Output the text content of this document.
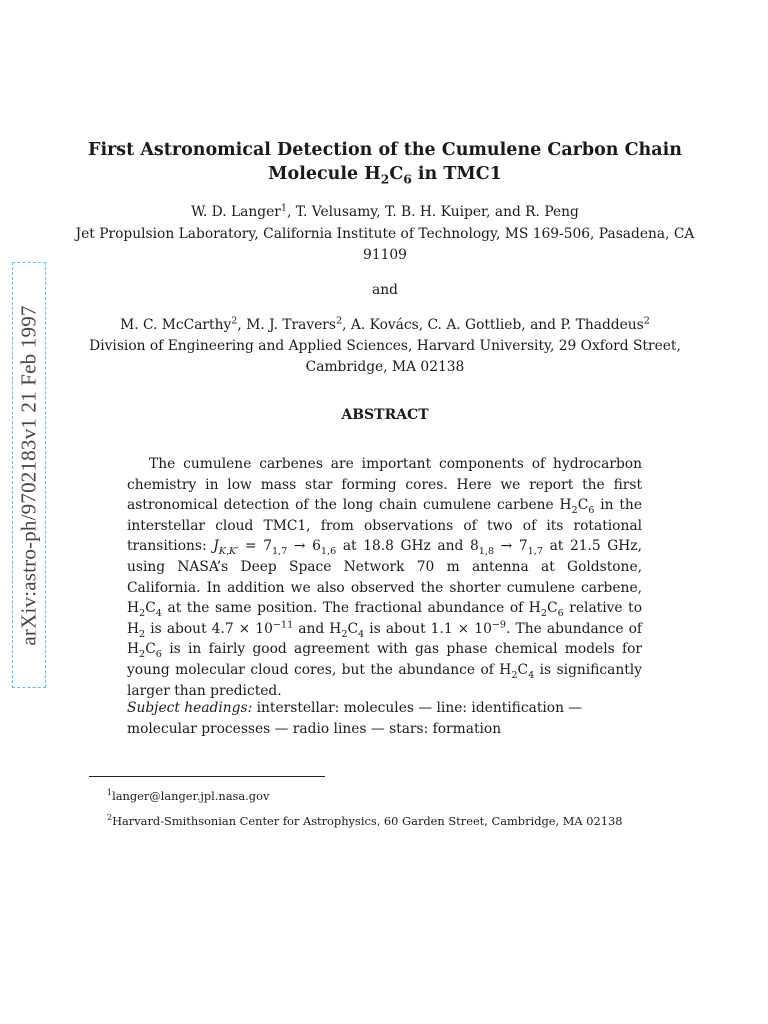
arXiv:astro-ph/9702183v1 21 Feb 1997
First Astronomical Detection of the Cumulene Carbon Chain
Molecule $H_2C_6$ in TMC1

W. D. Langer$^1$, T. Velusamy, T. B. H. Kuiper, and R. Peng

Jet Propulsion Laboratory, California Institute of Technology, MS 169-506, Pasadena, CA
91109

and

M. C. McCarthy$^2$, M. J. Travers$^2$, A. Kovács, C. A. Gottlieb, and P. Thaddeus$^2$

Division of Engineering and Applied Sciences, Harvard University, 29 Oxford Street,
Cambridge, MA 02138

ABSTRACT

The cumulene carbenes are important components of hydrocarbon chemistry in low mass star forming cores. Here we report the first astronomical detection of the long chain cumulene carbene $H_2C_6$ in the interstellar cloud TMC1, from observations of two of its rotational transitions: $J_{K,K'} = 7_{1,7} \to 6_{1,6}$ at 18.8 GHz and $8_{1,8} \to 7_{1,7}$ at 21.5 GHz, using NASA’s Deep Space Network 70 m antenna at Goldstone, California. In addition we also observed the shorter cumulene carbene, $H_2C_4$ at the same position. The fractional abundance of $H_2C_6$ relative to $H_2$ is about $4.7 \times 10^{-11}$ and $H_2C_4$ is about $1.1 \times 10^{-9}$. The abundance of $H_2C_6$ is in fairly good agreement with gas phase chemical models for young molecular cloud cores, but the abundance of $H_2C_4$ is significantly larger than predicted.

Subject headings: interstellar: molecules — line: identification — molecular processes — radio lines — stars: formation

$^1$langer@langer.jpl.nasa.gov

$^2$Harvard-Smithsonian Center for Astrophysics, 60 Garden Street, Cambridge, MA 02138
